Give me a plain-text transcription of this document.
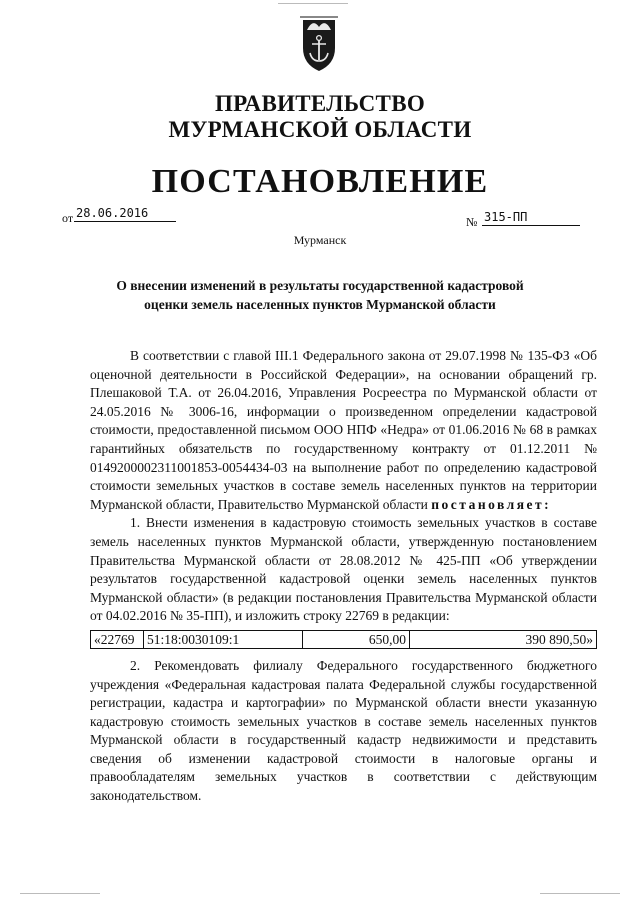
ПРАВИТЕЛЬСТВО
МУРМАНСКОЙ ОБЛАСТИ
ПОСТАНОВЛЕНИЕ
от 28.06.2016
№ 315-ПП
Мурманск
О внесении изменений в результаты государственной кадастровой
оценки земель населенных пунктов Мурманской области

В соответствии с главой III.1 Федерального закона от 29.07.1998 № 135-ФЗ «Об оценочной деятельности в Российской Федерации», на основании обращений гр. Плешаковой Т.А. от 26.04.2016, Управления Росреестра по Мурманской области от 24.05.2016 № 3006-16, информации о произведенном определении кадастровой стоимости, предоставленной письмом ООО НПФ «Недра» от 01.06.2016 № 68 в рамках гарантийных обязательств по государственному контракту от 01.12.2011 № 0149200002311001853-0054434-03 на выполнение работ по определению кадастровой стоимости земельных участков в составе земель населенных пунктов на территории Мурманской области, Правительство Мурманской области постановляет:

1. Внести изменения в кадастровую стоимость земельных участков в составе земель населенных пунктов Мурманской области, утвержденную постановлением Правительства Мурманской области от 28.08.2012 № 425-ПП «Об утверждении результатов государственной кадастровой оценки земель населенных пунктов Мурманской области» (в редакции постановления Правительства Мурманской области от 04.02.2016 № 35-ПП), и изложить строку 22769 в редакции:

«22769	51:18:0030109:1	650,00	390 890,50»

2. Рекомендовать филиалу Федерального государственного бюджетного учреждения «Федеральная кадастровая палата Федеральной службы государственной регистрации, кадастра и картографии» по Мурманской области внести указанную кадастровую стоимость земельных участков в составе земель населенных пунктов Мурманской области в государственный кадастр недвижимости и представить сведения об изменении кадастровой стоимости в налоговые органы и правообладателям земельных участков в соответствии с действующим законодательством.
